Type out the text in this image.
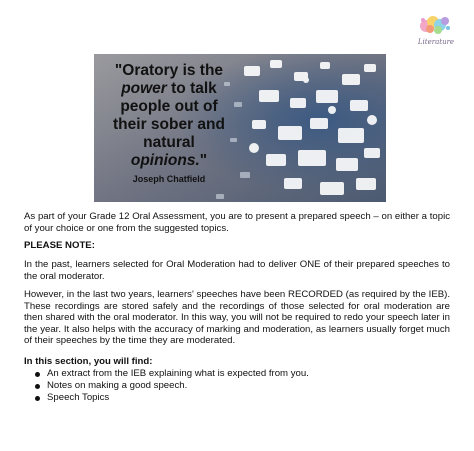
Literature
"Oratory is the
power to talk
people out of
their sober and
natural
opinions."
Joseph Chatfield
As part of your Grade 12 Oral Assessment, you are to present a prepared speech – on either a topic of your choice or one from the suggested topics.
PLEASE NOTE:
In the past, learners selected for Oral Moderation had to deliver ONE of their prepared speeches to the oral moderator.
However, in the last two years, learners' speeches have been RECORDED (as required by the IEB). These recordings are stored safely and the recordings of those selected for oral moderation are then shared with the oral moderator. In this way, you will not be required to redo your speech later in the year. It also helps with the accuracy of marking and moderation, as learners usually forget much of their speeches by the time they are moderated.
In this section, you will find:
An extract from the IEB explaining what is expected from you.
Notes on making a good speech.
Speech Topics
